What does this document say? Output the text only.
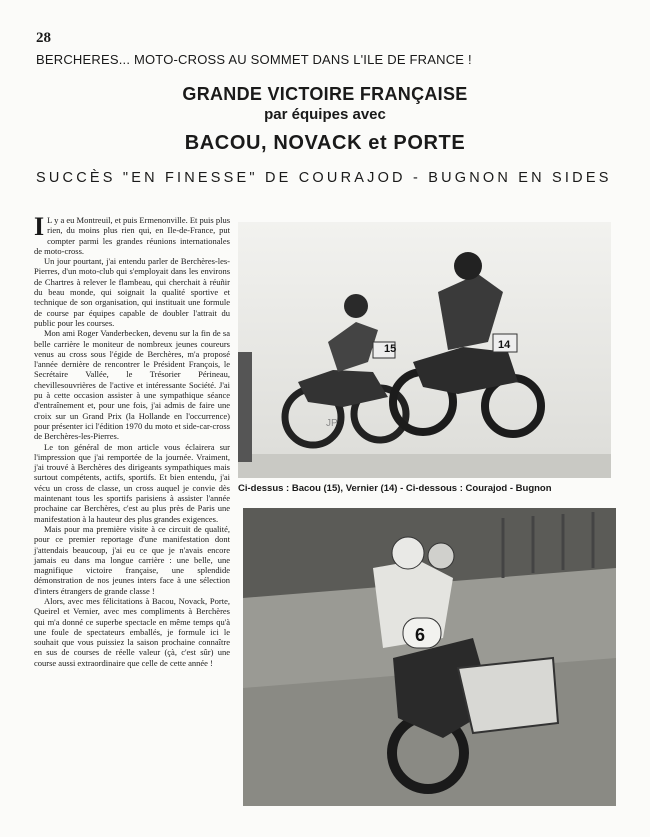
28
BERCHERES... MOTO-CROSS AU SOMMET DANS L'ILE DE FRANCE !
GRANDE VICTOIRE FRANÇAISE
par équipes avec
BACOU, NOVACK et PORTE
SUCCÈS "EN FINESSE" DE COURAJOD - BUGNON EN SIDES

I L y a eu Montreuil, et puis Ermenonville. Et puis plus rien, du moins plus rien qui, en Ile-de-France, put compter parmi les grandes réunions internationales de moto-cross.

Un jour pourtant, j'ai entendu parler de Berchères-les-Pierres, d'un moto-club qui s'employait dans les environs de Chartres à relever le flambeau, qui cherchait à réuñir du beau monde, qui soignait la qualité sportive et technique de son organisation, qui instituait une formule de course par équipes capable de doubler l'attrait du public pour les courses.

Mon ami Roger Vanderbecken, devenu sur la fin de sa belle carrière le moniteur de nombreux jeunes coureurs venus au cross sous l'égide de Berchères, m'a proposé l'année dernière de rencontrer le Président François, le Secrétaire Vallée, le Trésorier Périneau, chevillesouvrières de l'active et intéressante Société. J'ai pu à cette occasion assister à une sympathique séance d'entraînement et, pour une fois, j'ai admis de faire une croix sur un Grand Prix (la Hollande en l'occurrence) pour présenter ici l'édition 1970 du moto et side-car-cross de Berchères-les-Pierres.

Le ton général de mon article vous éclairera sur l'impression que j'ai remportée de la journée. Vraiment, j'ai trouvé à Berchères des dirigeants sympathiques mais surtout compétents, actifs, sportifs. Et bien entendu, j'ai vécu un cross de classe, un cross auquel je convie dès maintenant tous les sportifs parisiens à assister l'année prochaine car Berchères, c'est au plus près de Paris une manifestation à la hauteur des plus grandes exigences.

Mais pour ma première visite à ce circuit de qualité, pour ce premier reportage d'une manifestation dont j'attendais beaucoup, j'ai eu ce que je n'avais encore jamais eu dans ma longue carrière : une belle, une magnifique victoire française, une splendide démonstration de nos jeunes inters face à une sélection d'inters étrangers de grande classe !

Alors, avec mes félicitations à Bacou, Novack, Porte, Queirel et Vernier, avec mes compliments à Berchères qui m'a donné ce superbe spectacle en même temps qu'à une foule de spectateurs emballés, je formule ici le souhait que vous puissiez la saison prochaine connaître en sus de courses de réelle valeur (çà, c'est sûr) une course aussi extraordinaire que celle de cette année !

15	14
JP
Ci-dessus : Bacou (15), Vernier (14) - Ci-dessous : Courajod - Bugnon
6
